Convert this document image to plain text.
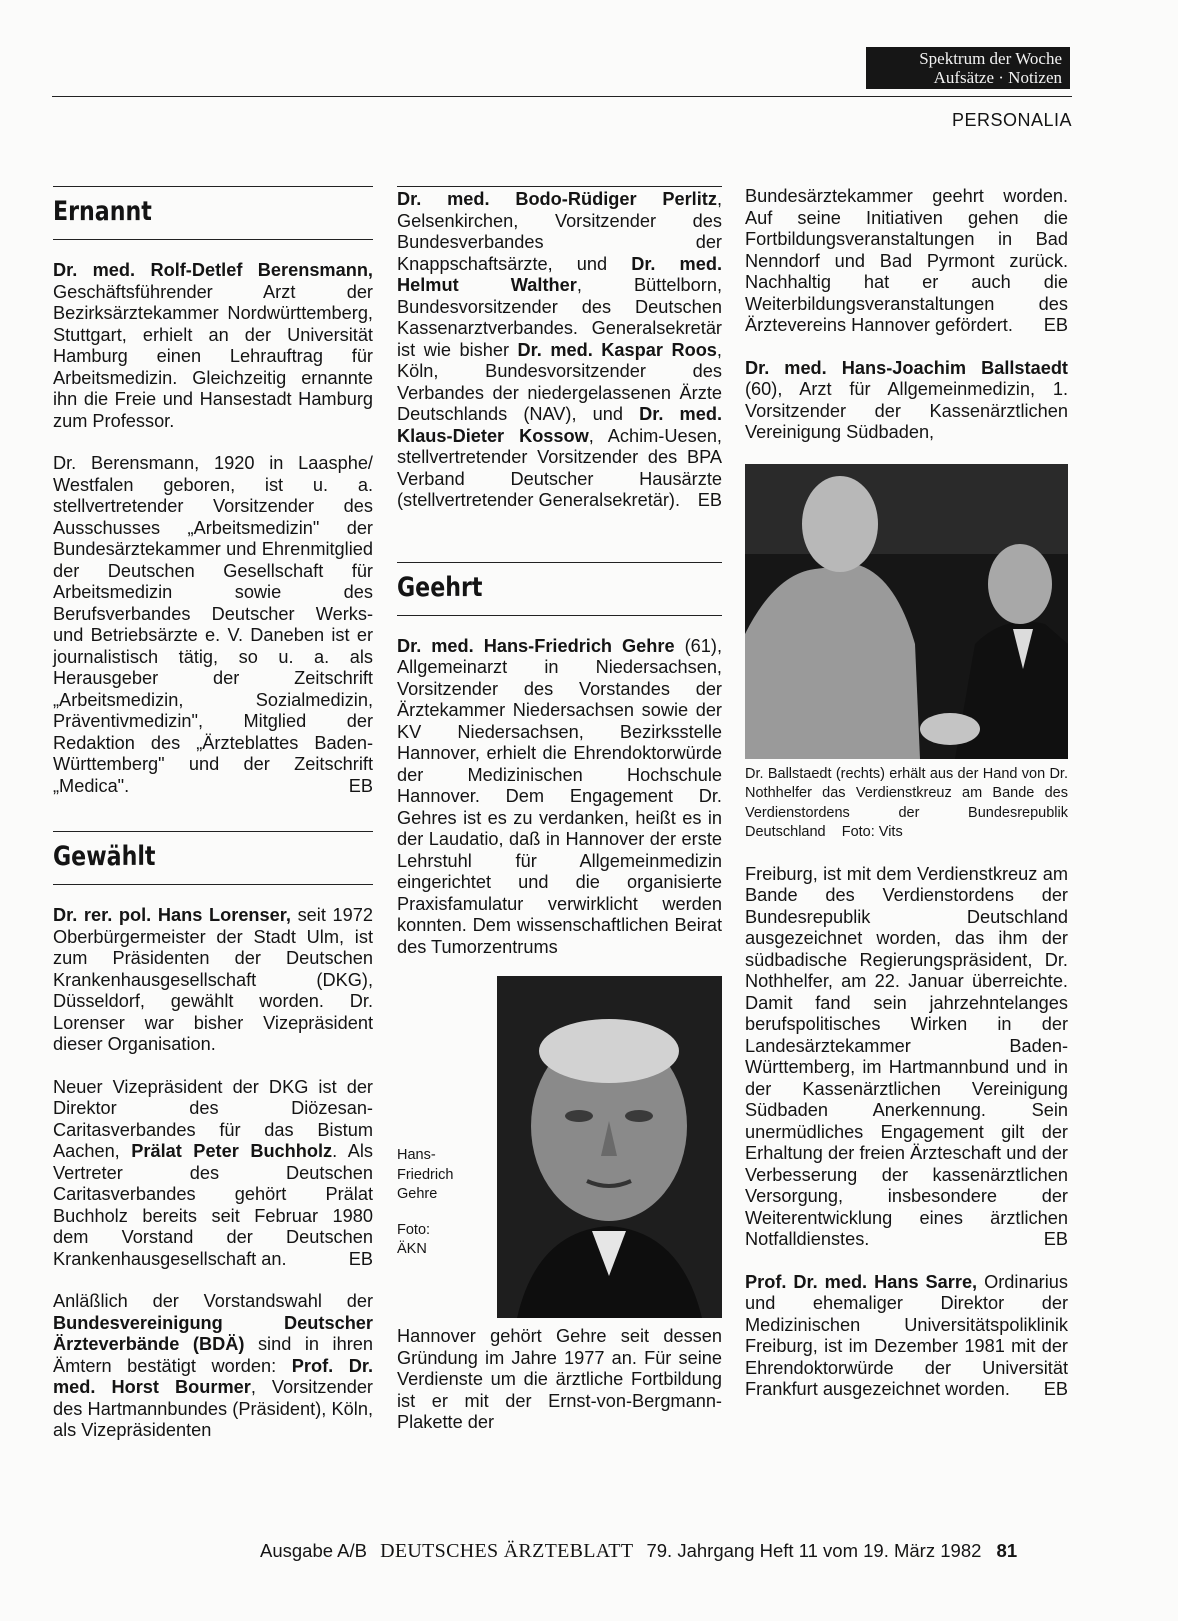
Spektrum der Woche
Aufsätze · Notizen
PERSONALIA
Ernannt

Dr. med. Rolf-Detlef Berensmann, Geschäftsführender Arzt der Bezirksärztekammer Nordwürttemberg, Stuttgart, erhielt an der Universität Hamburg einen Lehrauftrag für Arbeitsmedizin. Gleichzeitig ernannte ihn die Freie und Hansestadt Hamburg zum Professor.

Dr. Berensmann, 1920 in Laasphe/ Westfalen geboren, ist u. a. stellvertretender Vorsitzender des Ausschusses „Arbeitsmedizin" der Bundesärztekammer und Ehrenmitglied der Deutschen Gesellschaft für Arbeitsmedizin sowie des Berufsverbandes Deutscher Werks- und Betriebsärzte e. V. Daneben ist er journalistisch tätig, so u. a. als Herausgeber der Zeitschrift „Arbeitsmedizin, Sozialmedizin, Präventivmedizin", Mitglied der Redaktion des „Ärzteblattes Baden-Württemberg" und der Zeitschrift „Medica".	EB

Gewählt

Dr. rer. pol. Hans Lorenser, seit 1972 Oberbürgermeister der Stadt Ulm, ist zum Präsidenten der Deutschen Krankenhausgesellschaft (DKG), Düsseldorf, gewählt worden. Dr. Lorenser war bisher Vizepräsident dieser Organisation.

Neuer Vizepräsident der DKG ist der Direktor des Diözesan-Caritasverbandes für das Bistum Aachen, Prälat Peter Buchholz. Als Vertreter des Deutschen Caritasverbandes gehört Prälat Buchholz bereits seit Februar 1980 dem Vorstand der Deutschen Krankenhausgesellschaft an.	EB

Anläßlich der Vorstandswahl der Bundesvereinigung Deutscher Ärzteverbände (BDÄ) sind in ihren Ämtern bestätigt worden: Prof. Dr. med. Horst Bourmer, Vorsitzender des Hartmannbundes (Präsident), Köln, als Vizepräsidenten

Dr. med. Bodo-Rüdiger Perlitz, Gelsenkirchen, Vorsitzender des Bundesverbandes der Knappschaftsärzte, und Dr. med. Helmut Walther, Büttelborn, Bundesvorsitzender des Deutschen Kassenarztverbandes. Generalsekretär ist wie bisher Dr. med. Kaspar Roos, Köln, Bundesvorsitzender des Verbandes der niedergelassenen Ärzte Deutschlands (NAV), und Dr. med. Klaus-Dieter Kossow, Achim-Uesen, stellvertretender Vorsitzender des BPA Verband Deutscher Hausärzte (stellvertretender Generalsekretär). EB

Geehrt

Dr. med. Hans-Friedrich Gehre (61), Allgemeinarzt in Niedersachsen, Vorsitzender des Vorstandes der Ärztekammer Niedersachsen sowie der KV Niedersachsen, Bezirksstelle Hannover, erhielt die Ehrendoktorwürde der Medizinischen Hochschule Hannover. Dem Engagement Dr. Gehres ist es zu verdanken, heißt es in der Laudatio, daß in Hannover der erste Lehrstuhl für Allgemeinmedizin eingerichtet und die organisierte Praxisfamulatur verwirklicht werden konnten. Dem wissenschaftlichen Beirat des Tumorzentrums

Hans-Friedrich Gehre
Foto: ÄKN

Hannover gehört Gehre seit dessen Gründung im Jahre 1977 an. Für seine Verdienste um die ärztliche Fortbildung ist er mit der Ernst-von-Bergmann-Plakette der

Bundesärztekammer geehrt worden. Auf seine Initiativen gehen die Fortbildungsveranstaltungen in Bad Nenndorf und Bad Pyrmont zurück. Nachhaltig hat er auch die Weiterbildungsveranstaltungen des Ärztevereins Hannover gefördert. EB

Dr. med. Hans-Joachim Ballstaedt (60), Arzt für Allgemeinmedizin, 1. Vorsitzender der Kassenärztlichen Vereinigung Südbaden,

Dr. Ballstaedt (rechts) erhält aus der Hand von Dr. Nothhelfer das Verdienstkreuz am Bande des Verdienstordens der Bundesrepublik Deutschland Foto: Vits

Freiburg, ist mit dem Verdienstkreuz am Bande des Verdienstordens der Bundesrepublik Deutschland ausgezeichnet worden, das ihm der südbadische Regierungspräsident, Dr. Nothhelfer, am 22. Januar überreichte. Damit fand sein jahrzehntelanges berufspolitisches Wirken in der Landesärztekammer Baden-Württemberg, im Hartmannbund und in der Kassenärztlichen Vereinigung Südbaden Anerkennung. Sein unermüdliches Engagement gilt der Erhaltung der freien Ärzteschaft und der Verbesserung der kassenärztlichen Versorgung, insbesondere der Weiterentwicklung eines ärztlichen Notfalldienstes.	EB

Prof. Dr. med. Hans Sarre, Ordinarius und ehemaliger Direktor der Medizinischen Universitätspoliklinik Freiburg, ist im Dezember 1981 mit der Ehrendoktorwürde der Universität Frankfurt ausgezeichnet worden. EB

Ausgabe A/B DEUTSCHES ÄRZTEBLATT 79. Jahrgang Heft 11 vom 19. März 1982 81
